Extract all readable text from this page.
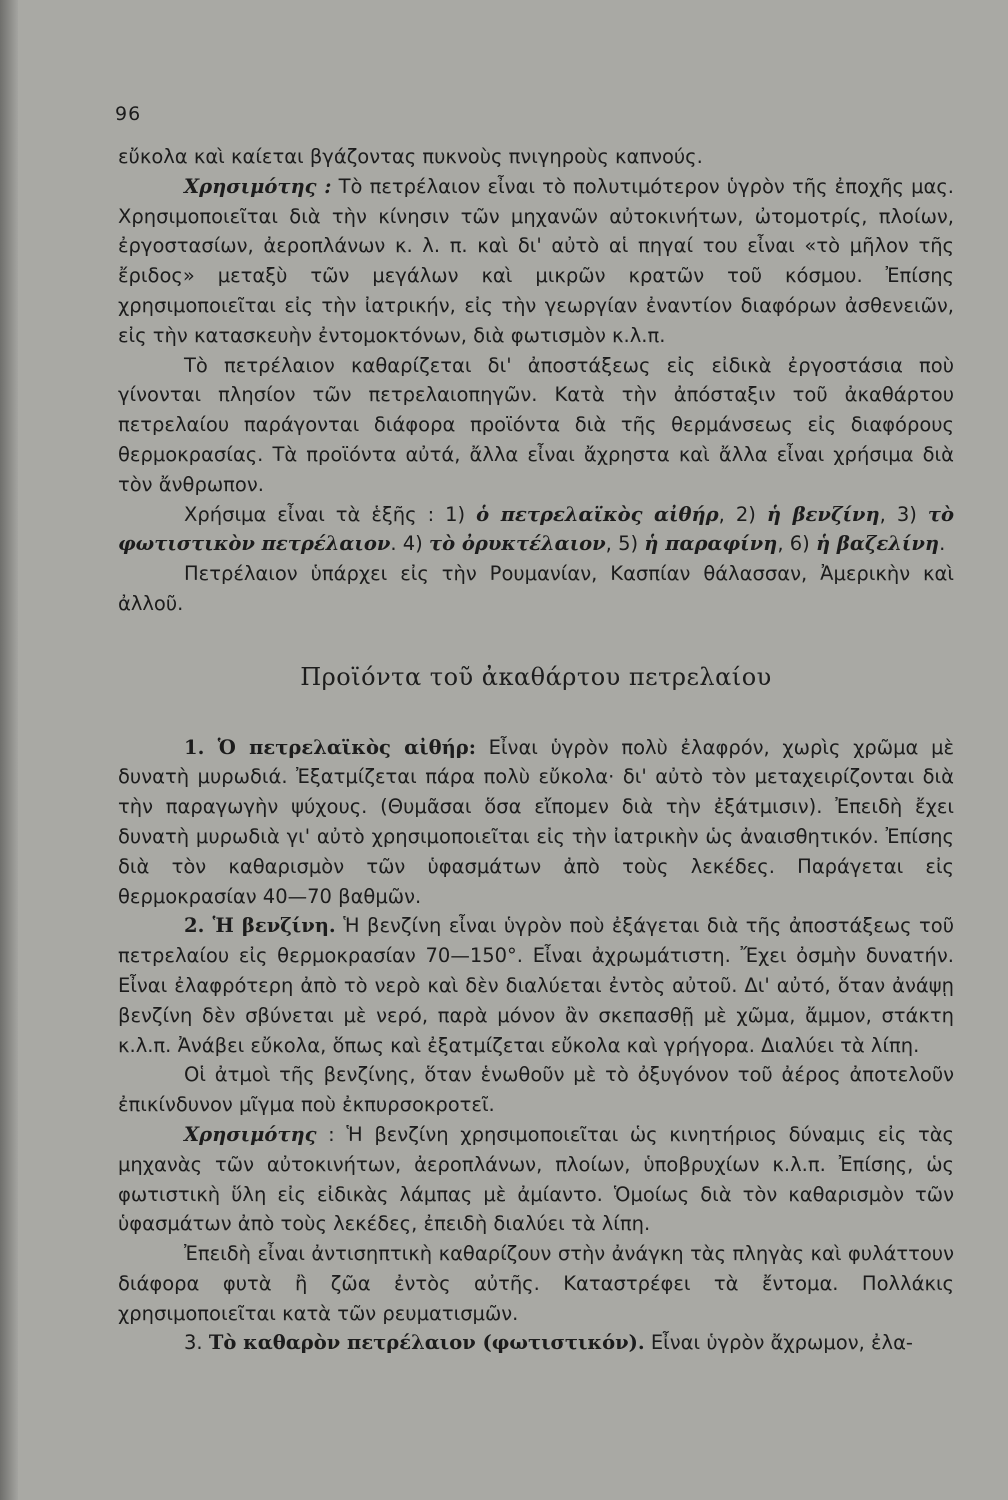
96

εὔκολα καὶ καίεται βγάζοντας πυκνοὺς πνιγηροὺς καπνούς.

Χρησιμότης : Τὸ πετρέλαιον εἶναι τὸ πολυτιμότερον ὑγρὸν τῆς ἐποχῆς μας. Χρησιμοποιεῖται διὰ τὴν κίνησιν τῶν μηχανῶν αὐτοκινήτων, ὠτομοτρίς, πλοίων, ἐργοστασίων, ἀεροπλάνων κ. λ. π. καὶ δι' αὐτὸ αἱ πηγαί του εἶναι «τὸ μῆλον τῆς ἔριδος» μεταξὺ τῶν μεγάλων καὶ μικρῶν κρατῶν τοῦ κόσμου. Ἐπίσης χρησιμοποιεῖται εἰς τὴν ἰατρικήν, εἰς τὴν γεωργίαν ἐναντίον διαφόρων ἀσθενειῶν, εἰς τὴν κατασκευὴν ἐντομοκτόνων, διὰ φωτισμὸν κ.λ.π.

Τὸ πετρέλαιον καθαρίζεται δι' ἀποστάξεως εἰς εἰδικὰ ἐργοστάσια ποὺ γίνονται πλησίον τῶν πετρελαιοπηγῶν. Κατὰ τὴν ἀπόσταξιν τοῦ ἀκαθάρτου πετρελαίου παράγονται διάφορα προϊόντα διὰ τῆς θερμάνσεως εἰς διαφόρους θερμοκρασίας. Τὰ προϊόντα αὐτά, ἄλλα εἶναι ἄχρηστα καὶ ἄλλα εἶναι χρήσιμα διὰ τὸν ἄνθρωπον.

Χρήσιμα εἶναι τὰ ἑξῆς : 1) ὁ πετρελαϊκὸς αἰθήρ, 2) ἡ βενζίνη, 3) τὸ φωτιστικὸν πετρέλαιον. 4) τὸ ὀρυκτέλαιον, 5) ἡ παραφίνη, 6) ἡ βαζελίνη.

Πετρέλαιον ὑπάρχει εἰς τὴν Ρουμανίαν, Κασπίαν θάλασσαν, Ἀμερικὴν καὶ ἀλλοῦ.

Προϊόντα τοῦ ἀκαθάρτου πετρελαίου

1. Ὁ πετρελαϊκὸς αἰθήρ: Εἶναι ὑγρὸν πολὺ ἐλαφρόν, χωρὶς χρῶμα μὲ δυνατὴ μυρωδιά. Ἐξατμίζεται πάρα πολὺ εὔκολα· δι' αὐτὸ τὸν μεταχειρίζονται διὰ τὴν παραγωγὴν ψύχους. (Θυμᾶσαι ὅσα εἴπομεν διὰ τὴν ἐξάτμισιν). Ἐπειδὴ ἔχει δυνατὴ μυρωδιὰ γι' αὐτὸ χρησιμοποιεῖται εἰς τὴν ἰατρικὴν ὡς ἀναισθητικόν. Ἐπίσης διὰ τὸν καθαρισμὸν τῶν ὑφασμάτων ἀπὸ τοὺς λεκέδες. Παράγεται εἰς θερμοκρασίαν 40—70 βαθμῶν.

2. Ἡ βενζίνη. Ἡ βενζίνη εἶναι ὑγρὸν ποὺ ἐξάγεται διὰ τῆς ἀποστάξεως τοῦ πετρελαίου εἰς θερμοκρασίαν 70—150°. Εἶναι ἀχρωμάτιστη. Ἔχει ὀσμὴν δυνατήν. Εἶναι ἐλαφρότερη ἀπὸ τὸ νερὸ καὶ δὲν διαλύεται ἐντὸς αὐτοῦ. Δι' αὐτό, ὅταν ἀνάψῃ βενζίνη δὲν σβύνεται μὲ νερό, παρὰ μόνον ἂν σκεπασθῇ μὲ χῶμα, ἄμμον, στάκτη κ.λ.π. Ἀνάβει εὔκολα, ὅπως καὶ ἐξατμίζεται εὔκολα καὶ γρήγορα. Διαλύει τὰ λίπη.

Οἱ ἀτμοὶ τῆς βενζίνης, ὅταν ἑνωθοῦν μὲ τὸ ὀξυγόνον τοῦ ἀέρος ἀποτελοῦν ἐπικίνδυνον μῖγμα ποὺ ἐκπυρσοκροτεῖ.

Χρησιμότης : Ἡ βενζίνη χρησιμοποιεῖται ὡς κινητήριος δύναμις εἰς τὰς μηχανὰς τῶν αὐτοκινήτων, ἀεροπλάνων, πλοίων, ὑποβρυχίων κ.λ.π. Ἐπίσης, ὡς φωτιστικὴ ὕλη εἰς εἰδικὰς λάμπας μὲ ἀμίαντο. Ὁμοίως διὰ τὸν καθαρισμὸν τῶν ὑφασμάτων ἀπὸ τοὺς λεκέδες, ἐπειδὴ διαλύει τὰ λίπη.

Ἐπειδὴ εἶναι ἀντισηπτικὴ καθαρίζουν στὴν ἀνάγκη τὰς πληγὰς καὶ φυλάττουν διάφορα φυτὰ ἢ ζῶα ἐντὸς αὐτῆς. Καταστρέφει τὰ ἔντομα. Πολλάκις χρησιμοποιεῖται κατὰ τῶν ρευματισμῶν.

3. Τὸ καθαρὸν πετρέλαιον (φωτιστικόν). Εἶναι ὑγρὸν ἄχρωμον, ἐλα-
